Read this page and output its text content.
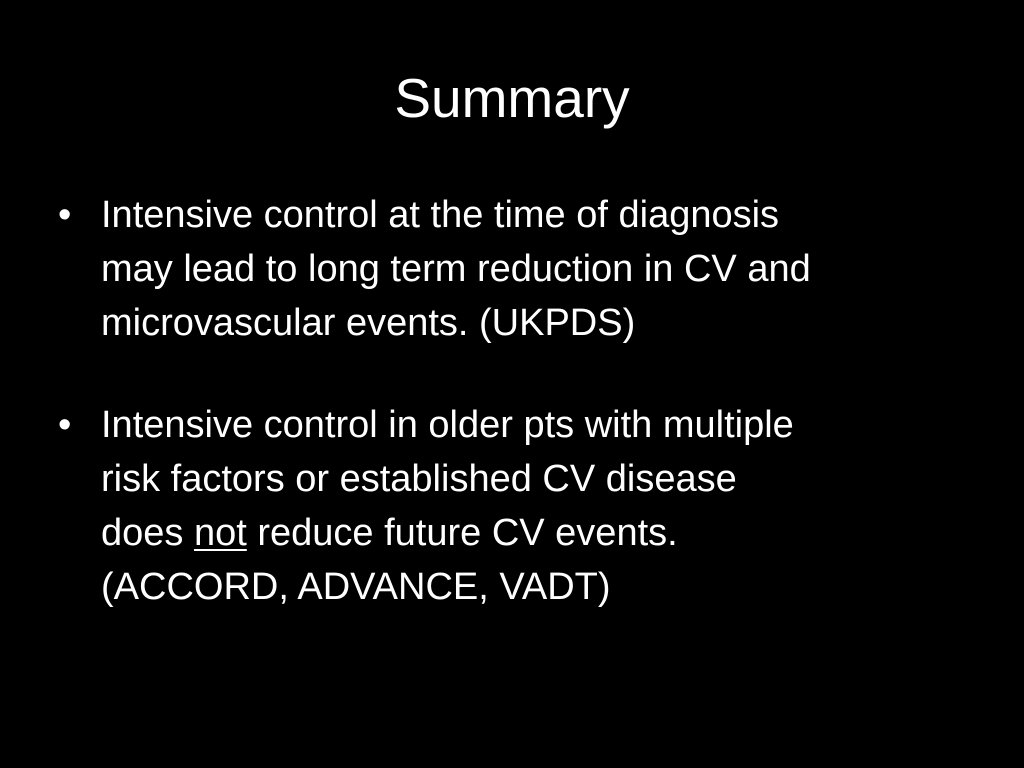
Summary
• Intensive control at the time of diagnosis
may lead to long term reduction in CV and
microvascular events. (UKPDS)
• Intensive control in older pts with multiple
risk factors or established CV disease
does not reduce future CV events.
(ACCORD, ADVANCE, VADT)
